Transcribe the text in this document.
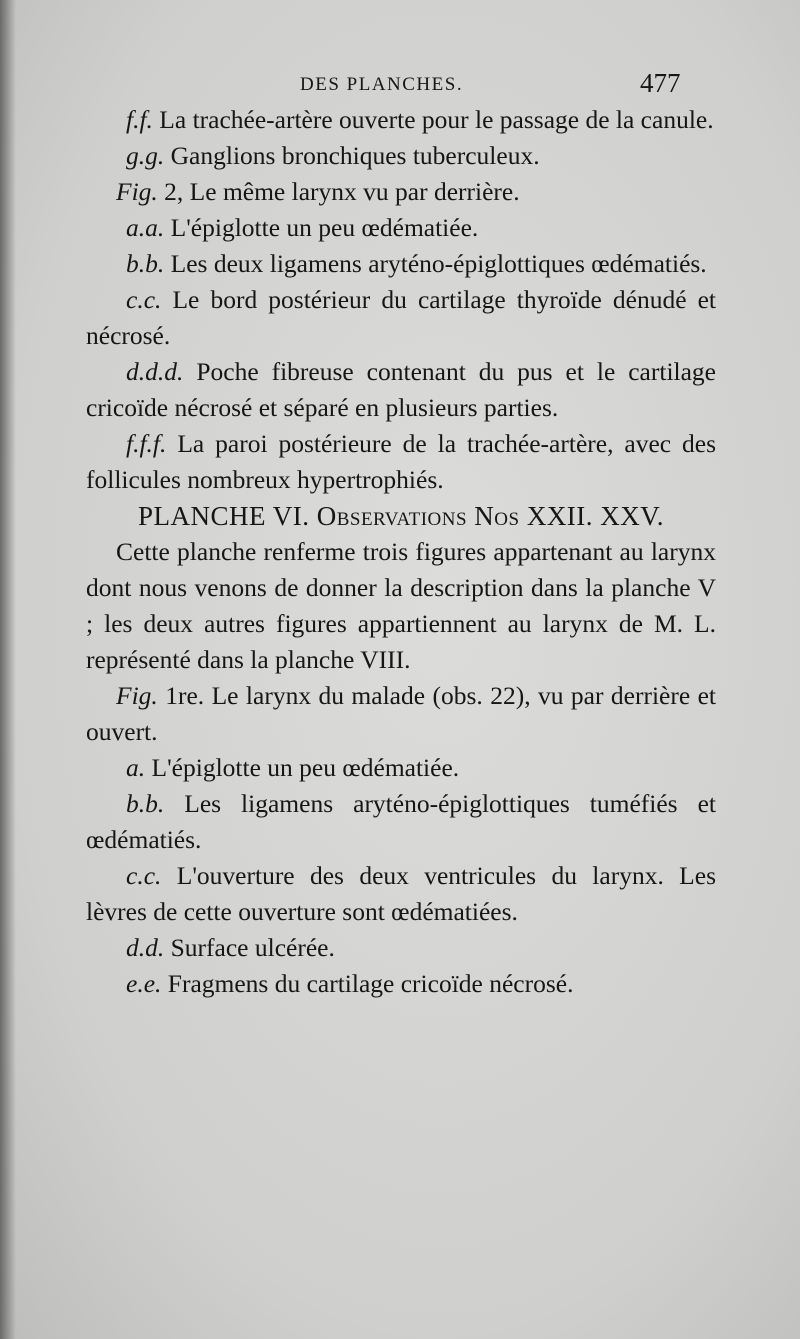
DES PLANCHES.	477

f.f. La trachée-artère ouverte pour le passage de la canule.

g.g. Ganglions bronchiques tuberculeux.

Fig. 2, Le même larynx vu par derrière.

a.a. L'épiglotte un peu œdématiée.

b.b. Les deux ligamens aryténo-épiglottiques œdématiés.

c.c. Le bord postérieur du cartilage thyroïde dénudé et nécrosé.

d.d.d. Poche fibreuse contenant du pus et le cartilage cricoïde nécrosé et séparé en plusieurs parties.

f.f.f. La paroi postérieure de la trachée-artère, avec des follicules nombreux hypertrophiés.

PLANCHE VI. Observations Nos XXII. XXV.

Cette planche renferme trois figures appartenant au larynx dont nous venons de donner la description dans la planche V ; les deux autres figures appartiennent au larynx de M. L. représenté dans la planche VIII.

Fig. 1re. Le larynx du malade (obs. 22), vu par derrière et ouvert.

a. L'épiglotte un peu œdématiée.

b.b. Les ligamens aryténo-épiglottiques tuméfiés et œdématiés.

c.c. L'ouverture des deux ventricules du larynx. Les lèvres de cette ouverture sont œdématiées.

d.d. Surface ulcérée.

e.e. Fragmens du cartilage cricoïde nécrosé.
